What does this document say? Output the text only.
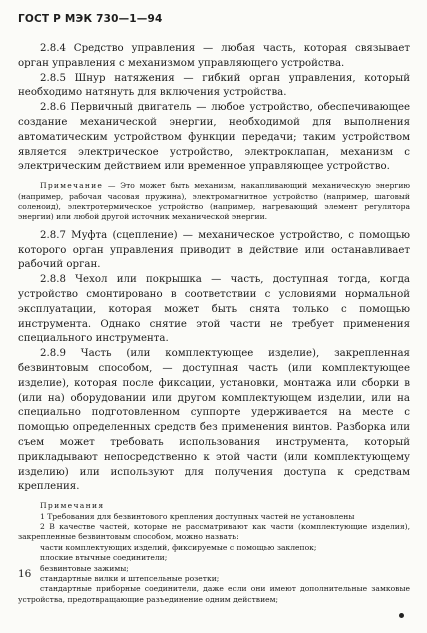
ГОСТ Р МЭК 730—1—94

2.8.4 Средство управления — любая часть, которая связывает орган управления с механизмом управляющего устройства.

2.8.5 Шнур натяжения — гибкий орган управления, который необходимо натянуть для включения устройства.

2.8.6 Первичный двигатель — любое устройство, обеспечивающее создание механической энергии, необходимой для выполнения автоматическим устройством функции передачи; таким устройством является электрическое устройство, электроклапан, механизм с электрическим действием или временное управляющее устройство.

Примечание — Это может быть механизм, накапливающий механическую энергию (например, рабочая часовая пружина), электромагнитное устройство (например, шаговый соленоид), электротермическое устройство (например, нагревающий элемент регулятора энергии) или любой другой источник механической энергии.

2.8.7 Муфта (сцепление) — механическое устройство, с помощью которого орган управления приводит в действие или останавливает рабочий орган.

2.8.8 Чехол или покрышка — часть, доступная тогда, когда устройство смонтировано в соответствии с условиями нормальной эксплуатации, которая может быть снята только с помощью инструмента. Однако снятие этой части не требует применения специального инструмента.

2.8.9 Часть (или комплектующее изделие), закрепленная безвинтовым способом, — доступная часть (или комплектующее изделие), которая после фиксации, установки, монтажа или сборки в (или на) оборудовании или другом комплектующем изделии, или на специально подготовленном суппорте удерживается на месте с помощью определенных средств без применения винтов. Разборка или съем может требовать использования инструмента, который прикладывают непосредственно к этой части (или комплектующему изделию) или используют для получения доступа к средствам крепления.

Примечания

1 Требования для безвинтового крепления доступных частей не установлены

2 В качестве частей, которые не рассматривают как части (комплектующие изделия), закрепленные безвинтовым способом, можно назвать:

части комплектующих изделий, фиксируемые с помощью заклепок;

плоские втычные соединители;

безвинтовые зажимы;

стандартные вилки и штепсельные розетки;

стандартные приборные соединители, даже если они имеют дополнительные замковые устройства, предотвращающие разъединение одним действием;

16
